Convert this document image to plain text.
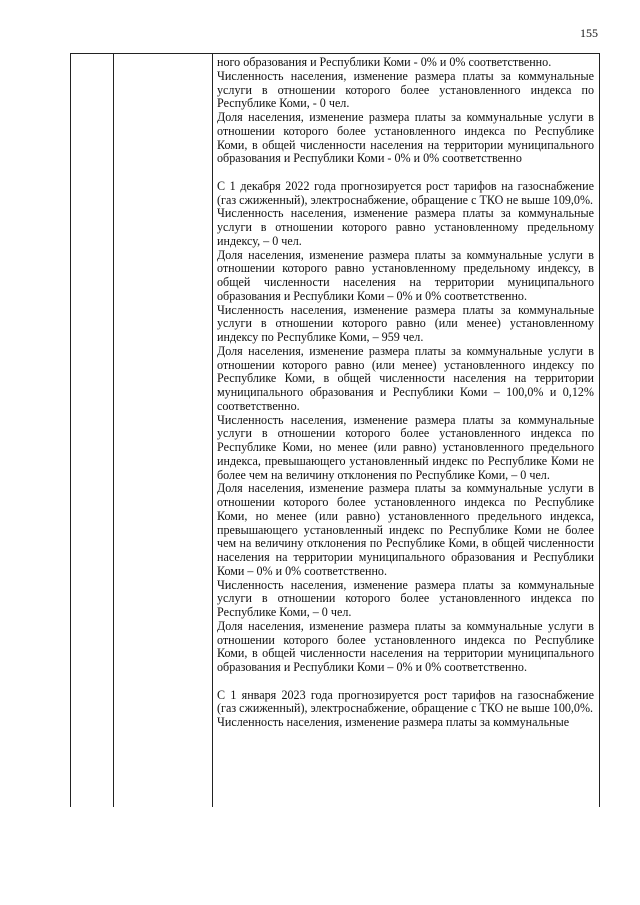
155

ного образования и Республики Коми - 0% и 0% соответственно.

Численность населения, изменение размера платы за коммунальные услуги в отношении которого более установленного индекса по Республике Коми, - 0 чел.

Доля населения, изменение размера платы за коммунальные услуги в отношении которого более установленного индекса по Республике Коми, в общей численности населения на территории муниципального образования и Республики Коми - 0% и 0% соответственно

С 1 декабря 2022 года прогнозируется рост тарифов на газоснабжение (газ сжиженный), электроснабжение, обращение с ТКО не выше 109,0%.

Численность населения, изменение размера платы за коммунальные услуги в отношении которого равно установленному предельному индексу, – 0 чел.

Доля населения, изменение размера платы за коммунальные услуги в отношении которого равно установленному предельному индексу, в общей численности населения на территории муниципального образования и Республики Коми – 0% и 0% соответственно.

Численность населения, изменение размера платы за коммунальные услуги в отношении которого равно (или менее) установленному индексу по Республике Коми, – 959 чел.

Доля населения, изменение размера платы за коммунальные услуги в отношении которого равно (или менее) установленного индексу по Республике Коми, в общей численности населения на территории муниципального образования и Республики Коми – 100,0% и 0,12% соответственно.

Численность населения, изменение размера платы за коммунальные услуги в отношении которого более установленного индекса по Республике Коми, но менее (или равно) установленного предельного индекса, превышающего установленный индекс по Республике Коми не более чем на величину отклонения по Республике Коми, – 0 чел.

Доля населения, изменение размера платы за коммунальные услуги в отношении которого более установленного индекса по Республике Коми, но менее (или равно) установленного предельного индекса, превышающего установленный индекс по Республике Коми не более чем на величину отклонения по Республике Коми, в общей численности населения на территории муниципального образования и Республики Коми – 0% и 0% соответственно.

Численность населения, изменение размера платы за коммунальные услуги в отношении которого более установленного индекса по Республике Коми, – 0 чел.

Доля населения, изменение размера платы за коммунальные услуги в отношении которого более установленного индекса по Республике Коми, в общей численности населения на территории муниципального образования и Республики Коми – 0% и 0% соответственно.

С 1 января 2023 года прогнозируется рост тарифов на газоснабжение (газ сжиженный), электроснабжение, обращение с ТКО не выше 100,0%.

Численность населения, изменение размера платы за коммунальные
